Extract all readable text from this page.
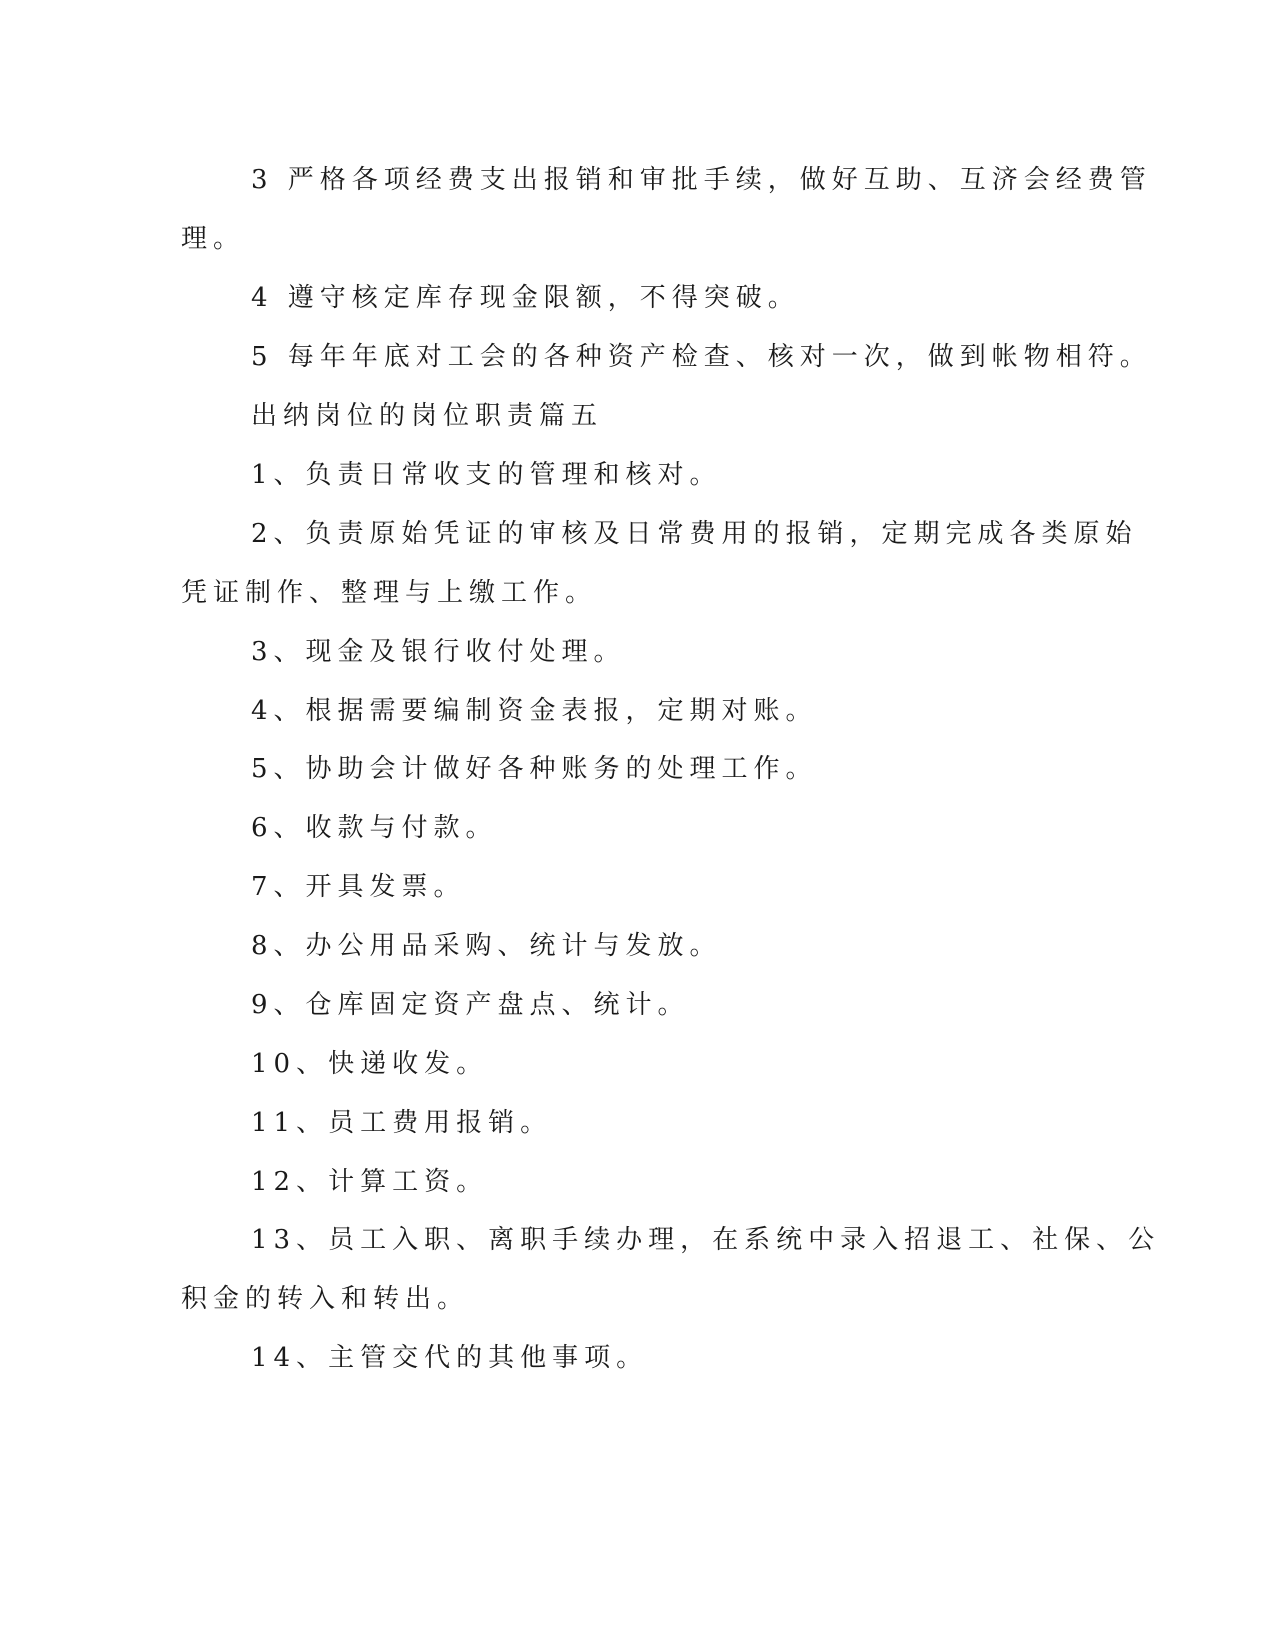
3 严格各项经费支出报销和审批手续，做好互助、互济会经费管
理。

4 遵守核定库存现金限额，不得突破。

5 每年年底对工会的各种资产检查、核对一次，做到帐物相符。

出纳岗位的岗位职责篇五

1、负责日常收支的管理和核对。

2、负责原始凭证的审核及日常费用的报销，定期完成各类原始
凭证制作、整理与上缴工作。

3、现金及银行收付处理。

4、根据需要编制资金表报，定期对账。

5、协助会计做好各种账务的处理工作。

6、收款与付款。

7、开具发票。

8、办公用品采购、统计与发放。

9、仓库固定资产盘点、统计。

10、快递收发。

11、员工费用报销。

12、计算工资。

13、员工入职、离职手续办理，在系统中录入招退工、社保、公
积金的转入和转出。

14、主管交代的其他事项。
